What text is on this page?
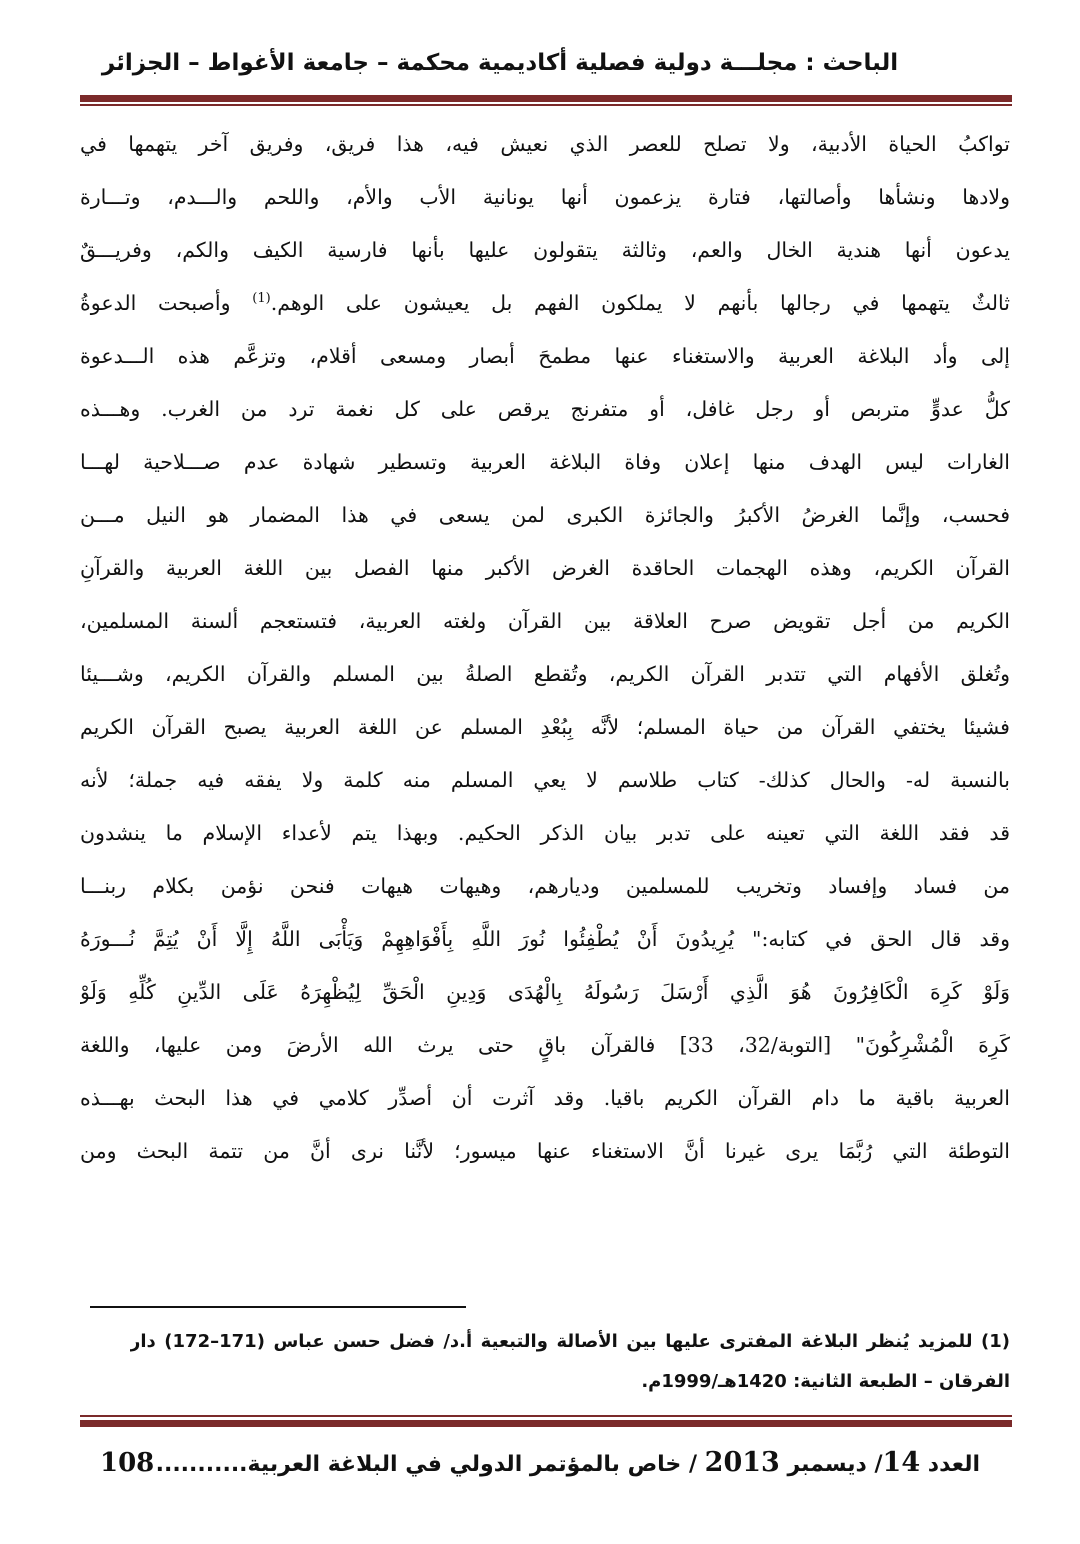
الباحث : مجلـــة دولية فصلية أكاديمية محكمة – جامعة الأغواط – الجزائر
تواكبُ الحياة الأدبية، ولا تصلح للعصر الذي نعيش فيه، هذا فريق، وفريق آخر يتهمها في
ولادها ونشأها وأصالتها، فتارة يزعمون أنها يونانية الأب والأم، واللحم والـــدم، وتـــارة
يدعون أنها هندية الخال والعم، وثالثة يتقولون عليها بأنها فارسية الكيف والكم، وفريـــقٌ
ثالثٌ يتهمها في رجالها بأنهم لا يملكون الفهم بل يعيشون على الوهم.$^{(1)}$ وأصبحت الدعوةُ
إلى وأد البلاغة العربية والاستغناء عنها مطمحَ أبصار ومسعى أقلام، وتزعَّم هذه الـــدعوة
كلُّ عدوٍّ متربص أو رجل غافل، أو متفرنج يرقص على كل نغمة ترد من الغرب. وهـــذه
الغارات ليس الهدف منها إعلان وفاة البلاغة العربية وتسطير شهادة عدم صـــلاحية لهـــا
فحسب، وإنَّما الغرضُ الأكبرُ والجائزة الكبرى لمن يسعى في هذا المضمار هو النيل مـــن
القرآن الكريم، وهذه الهجمات الحاقدة الغرض الأكبر منها الفصل بين اللغة العربية والقرآنِ
الكريم من أجل تقويض صرح العلاقة بين القرآن ولغته العربية، فتستعجم ألسنة المسلمين،
وتُغلق الأفهام التي تتدبر القرآن الكريم، وتُقطع الصلةُ بين المسلم والقرآن الكريم، وشـــيئا
فشيئا يختفي القرآن من حياة المسلم؛ لأنَّه بِبُعْدِ المسلم عن اللغة العربية يصبح القرآن الكريم
بالنسبة له- والحال كذلك- كتاب طلاسم لا يعي المسلم منه كلمة ولا يفقه فيه جملة؛ لأنه
قد فقد اللغة التي تعينه على تدبر بيان الذكر الحكيم. وبهذا يتم لأعداء الإسلام ما ينشدون
من فساد وإفساد وتخريب للمسلمين وديارهم، وهيهات هيهات فنحن نؤمن بكلام ربنـــا
وقد قال الحق في كتابه:" يُرِيدُونَ أَنْ يُطْفِئُوا نُورَ اللَّهِ بِأَفْوَاهِهِمْ وَيَأْبَى اللَّهُ إِلَّا أَنْ يُتِمَّ نُـــورَهُ
وَلَوْ كَرِهَ الْكَافِرُونَ هُوَ الَّذِي أَرْسَلَ رَسُولَهُ بِالْهُدَى وَدِينِ الْحَقِّ لِيُظْهِرَهُ عَلَى الدِّينِ كُلِّهِ وَلَوْ
كَرِهَ الْمُشْرِكُونَ" [التوبة/32، 33] فالقرآن باقٍ حتى يرث الله الأرضَ ومن عليها، واللغة
العربية باقية ما دام القرآن الكريم باقيا. وقد آثرت أن أصدِّر كلامي في هذا البحث بهـــذه
التوطئة التي رُبَّمَا يرى غيرنا أنَّ الاستغناء عنها ميسور؛ لأنَّنا نرى أنَّ من تتمة البحث ومن
(1) للمزيد يُنظر البلاغة المفترى عليها بين الأصالة والتبعية أ.د/ فضل حسن عباس (171–172) دار
الفرقان – الطبعة الثانية: 1420هـ/1999م.
العدد 14/ ديسمبر 2013 / خاص بالمؤتمر الدولي في البلاغة العربية...........
108
